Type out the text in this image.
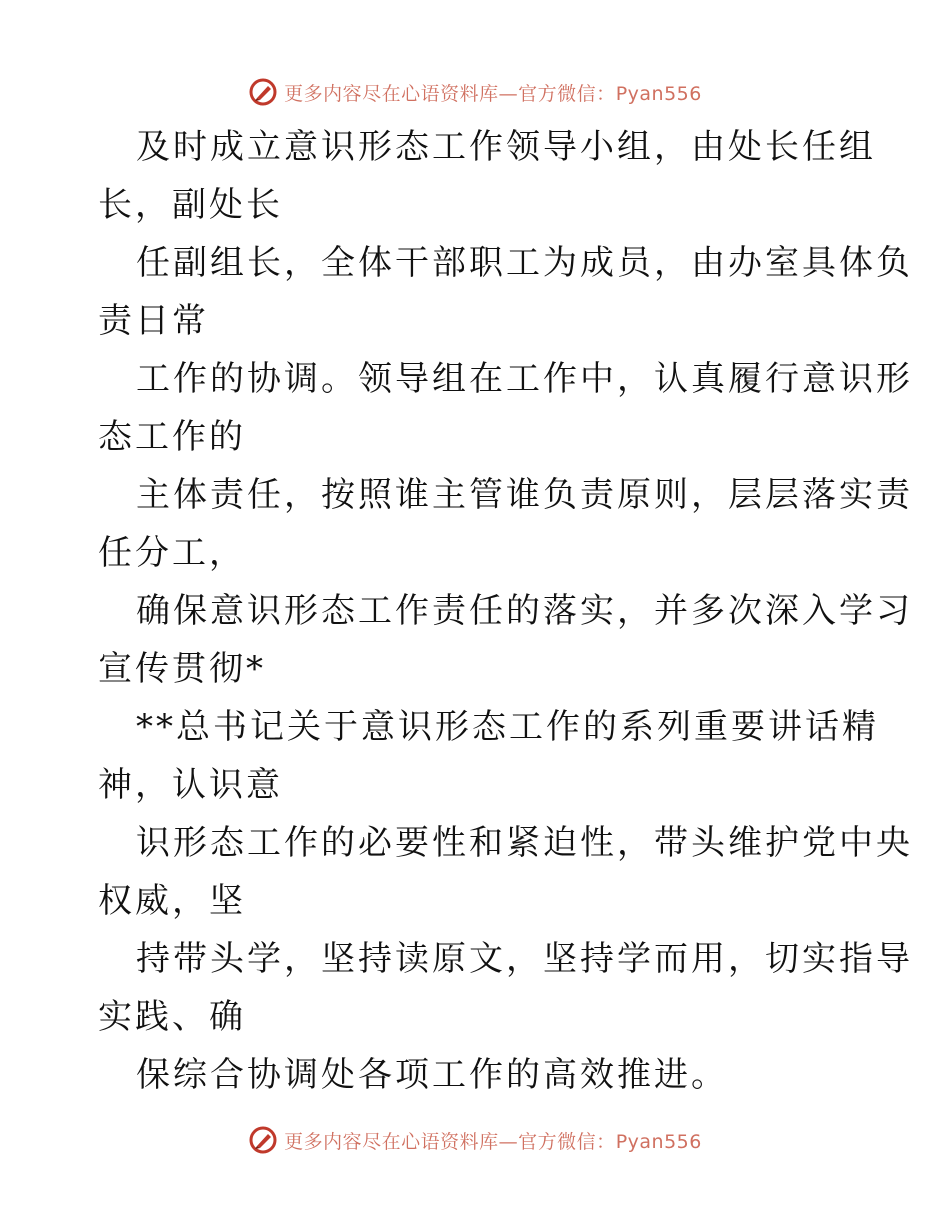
更多内容尽在心语资料库—官方微信：Pyan556

及时成立意识形态工作领导小组，由处长任组
长，副处长

任副组长，全体干部职工为成员，由办室具体负
责日常

工作的协调。领导组在工作中，认真履行意识形
态工作的

主体责任，按照谁主管谁负责原则，层层落实责
任分工，

确保意识形态工作责任的落实，并多次深入学习
宣传贯彻*

**总书记关于意识形态工作的系列重要讲话精
神，认识意

识形态工作的必要性和紧迫性，带头维护党中央
权威，坚

持带头学，坚持读原文，坚持学而用，切实指导
实践、确

保综合协调处各项工作的高效推进。

更多内容尽在心语资料库—官方微信：Pyan556
